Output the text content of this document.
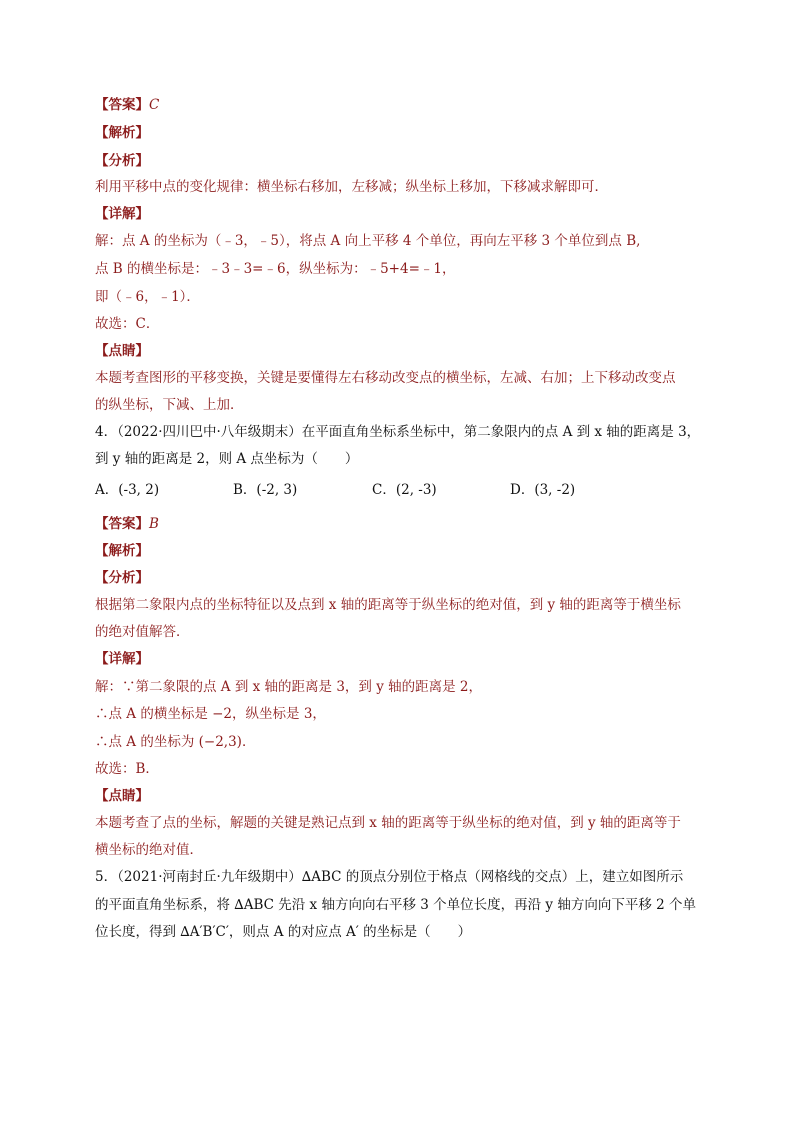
【答案】C
【解析】
【分析】
利用平移中点的变化规律：横坐标右移加，左移减；纵坐标上移加，下移减求解即可．
【详解】
解：点 A 的坐标为（﹣3，﹣5），将点 A 向上平移 4 个单位，再向左平移 3 个单位到点 B,
点 B 的横坐标是：﹣3﹣3=﹣6，纵坐标为：﹣5+4=﹣1，
即（﹣6，﹣1）．
故选：C．
【点睛】
本题考查图形的平移变换，关键是要懂得左右移动改变点的横坐标，左减、右加；上下移动改变点
的纵坐标，下减、上加．
4．（2022·四川巴中·八年级期末）在平面直角坐标系坐标中，第二象限内的点 A 到 x 轴的距离是 3，
到 y 轴的距离是 2，则 A 点坐标为（　　）
A．(-3, 2)	B．(-2, 3)	C．(2, -3)	D．(3, -2)
【答案】B
【解析】
【分析】
根据第二象限内点的坐标特征以及点到 x 轴的距离等于纵坐标的绝对值，到 y 轴的距离等于横坐标
的绝对值解答．
【详解】
解：∵第二象限的点 A 到 x 轴的距离是 3，到 y 轴的距离是 2，
∴点 A 的横坐标是 −2，纵坐标是 3，
∴点 A 的坐标为 (−2,3)．
故选：B．
【点睛】
本题考查了点的坐标，解题的关键是熟记点到 x 轴的距离等于纵坐标的绝对值，到 y 轴的距离等于
横坐标的绝对值．
5．（2021·河南封丘·九年级期中）∆ABC 的顶点分别位于格点（网格线的交点）上，建立如图所示
的平面直角坐标系，将 ∆ABC 先沿 x 轴方向向右平移 3 个单位长度，再沿 y 轴方向向下平移 2 个单
位长度，得到 ∆A′B′C′，则点 A 的对应点 A′ 的坐标是（　　）
